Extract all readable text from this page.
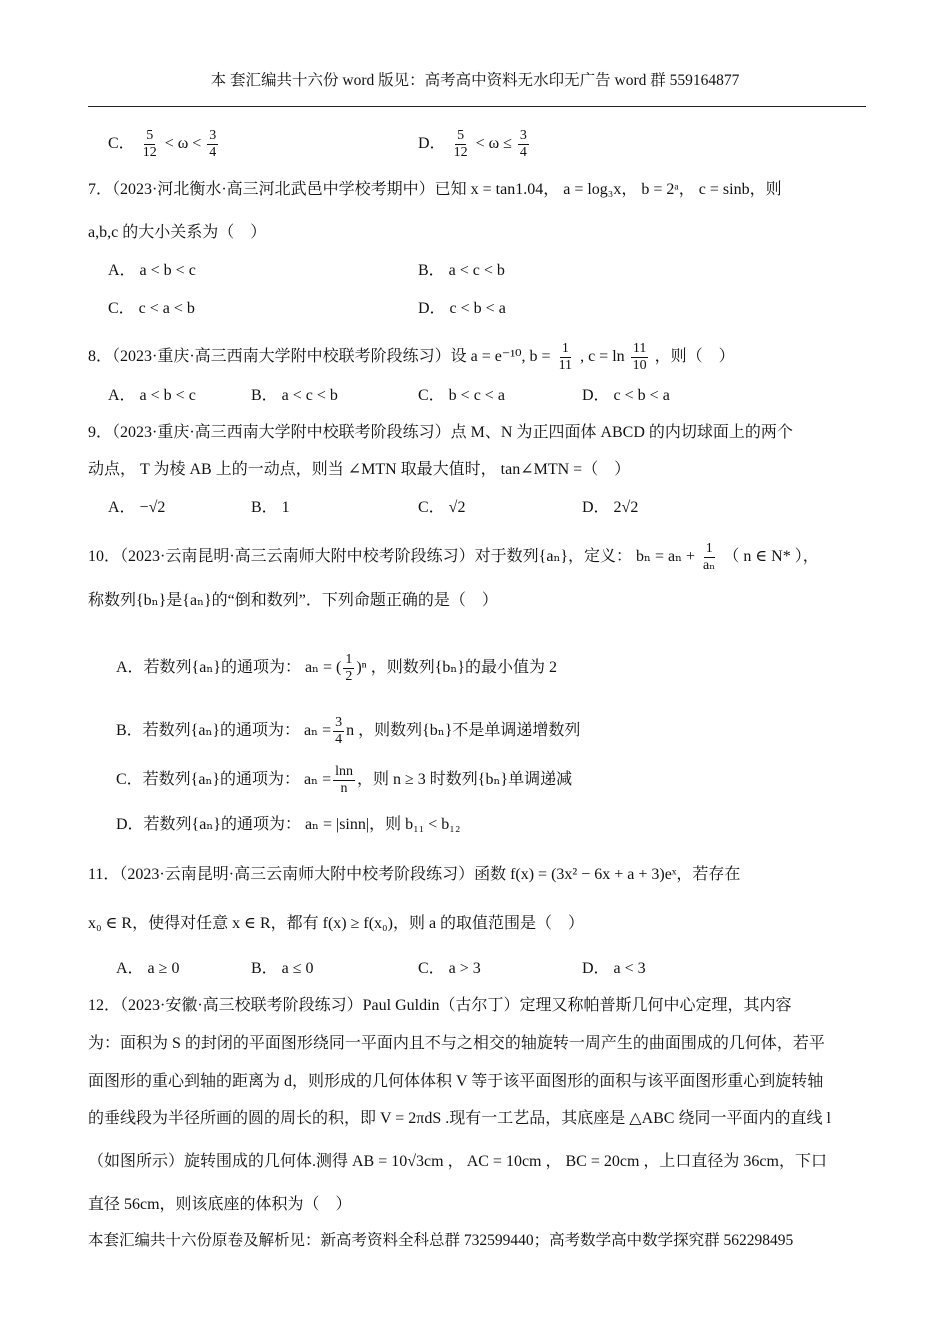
本 套汇编共十六份 word 版见：高考高中资料无水印无广告 word 群 559164877
C． $\frac{5}{12} < \omega < \frac{3}{4}$	D． $\frac{5}{12} < \omega \le \frac{3}{4}$
7．（2023·河北衡水·高三河北武邑中学校考期中）已知 x = tan1.04， a = log₃x， b = 2ᵃ， c = sinb，则
a,b,c 的大小关系为（　）
A． a < b < c	B． a < c < b
C． c < a < b	D． c < b < a
8．（2023·重庆·高三西南大学附中校联考阶段练习）设 a = e⁻¹⁰, $b = \frac{1}{11}$ , $c = \ln \frac{11}{10}$ ，则（　）
A． a < b < c	B． a < c < b	C． b < c < a	D． c < b < a
9．（2023·重庆·高三西南大学附中校联考阶段练习）点 M、N 为正四面体 ABCD 的内切球面上的两个
动点， T 为棱 AB 上的一动点，则当 ∠MTN 取最大值时， tan∠MTN =（　）
A． −√2	B． 1	C． √2	D． 2√2
10．（2023·云南昆明·高三云南师大附中校考阶段练习）对于数列{aₙ}，定义： $b_n = a_n + \frac{1}{\text{aₙ}}$ （ n ∈ N* ），
称数列{bₙ}是{aₙ}的“倒和数列”．下列命题正确的是（　）
A．若数列{aₙ}的通项为： aₙ = ( $\frac{1}{2} )^n$ ，则数列{bₙ}的最小值为 2
B．若数列{aₙ}的通项为： $a_n = \frac{3}{4}$ n ，则数列{bₙ}不是单调递增数列
C．若数列{aₙ}的通项为： $a_n = \frac{\ln n}{n}$ ，则 n ≥ 3 时数列{bₙ}单调递减
D．若数列{aₙ}的通项为： aₙ = |sinn|，则 b₁₁ < b₁₂
11．（2023·云南昆明·高三云南师大附中校考阶段练习）函数 f(x) = (3x² − 6x + a + 3)eˣ，若存在
x₀ ∈ R，使得对任意 x ∈ R，都有 f(x) ≥ f(x₀)，则 a 的取值范围是（　）
A． a ≥ 0	B． a ≤ 0	C． a > 3	D． a < 3
12．（2023·安徽·高三校联考阶段练习）Paul Guldin（古尔丁）定理又称帕普斯几何中心定理，其内容
为：面积为 S 的封闭的平面图形绕同一平面内且不与之相交的轴旋转一周产生的曲面围成的几何体，若平
面图形的重心到轴的距离为 d，则形成的几何体体积 V 等于该平面图形的面积与该平面图形重心到旋转轴
的垂线段为半径所画的圆的周长的积，即 V = 2πdS .现有一工艺品，其底座是 △ABC 绕同一平面内的直线 l
（如图所示）旋转围成的几何体.测得 AB = 10√3cm ， AC = 10cm ， BC = 20cm ，上口直径为 36cm，下口
直径 56cm，则该底座的体积为（　）
本套汇编共十六份原卷及解析见：新高考资料全科总群 732599440；高考数学高中数学探究群 562298495
